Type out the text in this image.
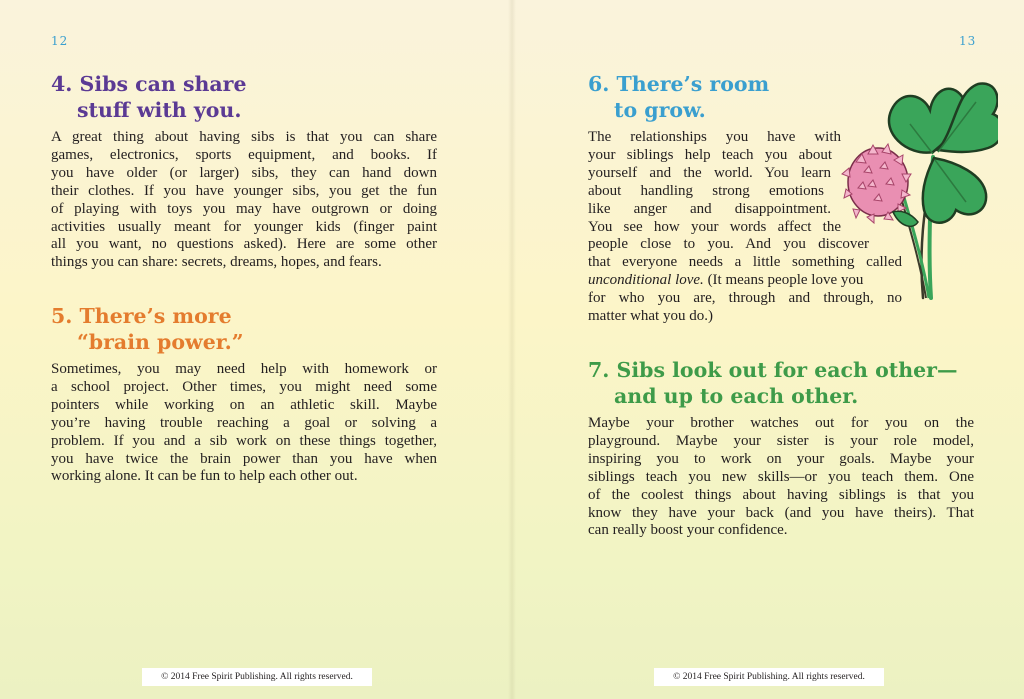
12
4. Sibs can share
stuff with you.
A great thing about having sibs is that you can share
games, electronics, sports equipment, and books. If
you have older (or larger) sibs, they can hand down
their clothes. If you have younger sibs, you get the fun
of playing with toys you may have outgrown or doing
activities usually meant for younger kids (finger paint
all you want, no questions asked). Here are some other
things you can share: secrets, dreams, hopes, and fears.
5. There’s more
“brain power.”
Sometimes, you may need help with homework or
a school project. Other times, you might need some
pointers while working on an athletic skill. Maybe
you’re having trouble reaching a goal or solving a
problem. If you and a sib work on these things together,
you have twice the brain power than you have when
working alone. It can be fun to help each other out.
© 2014 Free Spirit Publishing. All rights reserved.
13
6. There’s room
to grow.
The relationships you have with
your siblings help teach you about
yourself and the world. You learn
about handling strong emotions
like anger and disappointment.
You see how your words affect the
people close to you. And you discover
that everyone needs a little something called
unconditional love. (It means people love you
for who you are, through and through, no
matter what you do.)
7. Sibs look out for each other—
and up to each other.
Maybe your brother watches out for you on the
playground. Maybe your sister is your role model,
inspiring you to work on your goals. Maybe your
siblings teach you new skills—or you teach them. One
of the coolest things about having siblings is that you
know they have your back (and you have theirs). That
can really boost your confidence.
© 2014 Free Spirit Publishing. All rights reserved.
